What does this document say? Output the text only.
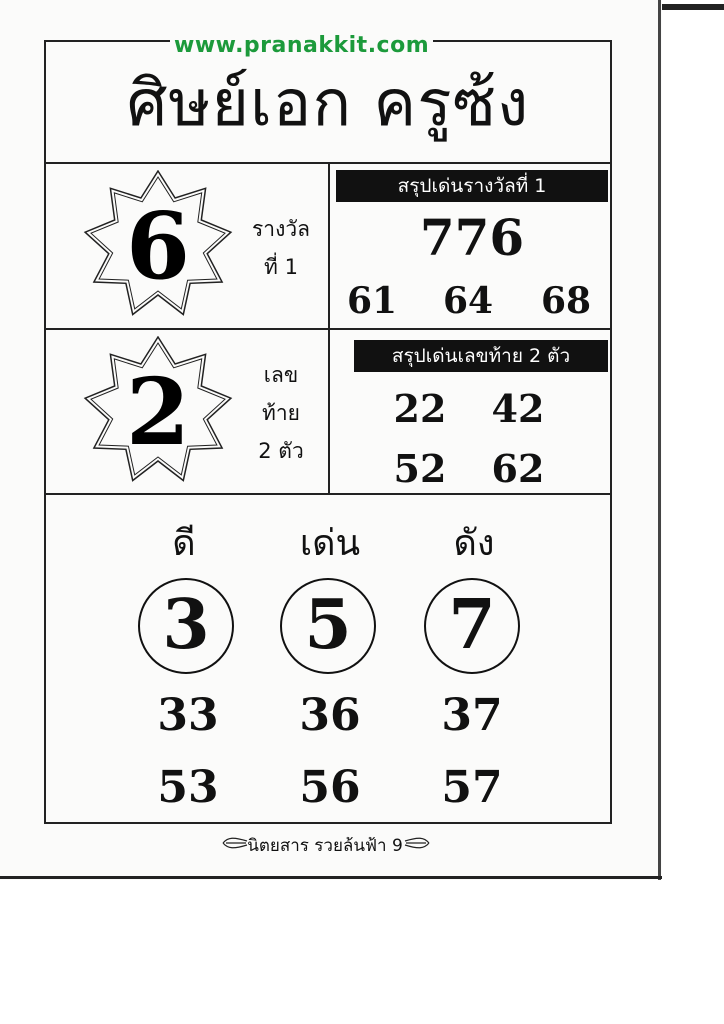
www.pranakkit.com
ศิษย์เอก ครูซ้ง
6	รางวัล
ที่ 1
สรุปเด่นรางวัลที่ 1
776
61	64	68
2	เลข
ท้าย
2 ตัว
สรุปเด่นเลขท้าย 2 ตัว
22	42
52	62
ดี	เด่น	ดัง
3	5	7
33	36	37
53	56	57
นิตยสาร รวยล้นฟ้า 9
